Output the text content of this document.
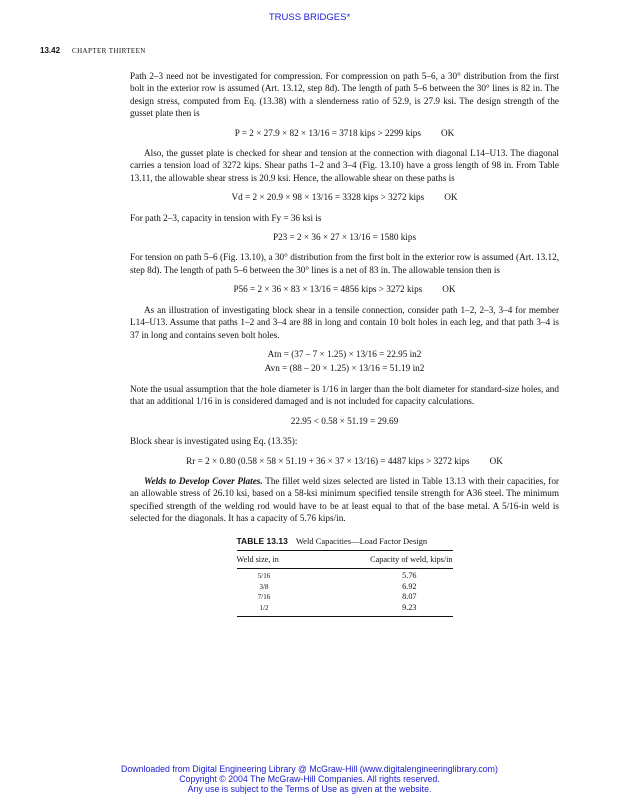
TRUSS BRIDGES*
13.42 CHAPTER THIRTEEN

Path 2–3 need not be investigated for compression. For compression on path 5–6, a 30° distribution from the first bolt in the exterior row is assumed (Art. 13.12, step 8d). The length of path 5–6 between the 30° lines is 82 in. The design stress, computed from Eq. (13.38) with a slenderness ratio of 52.9, is 27.9 ksi. The design strength of the gusset plate then is

P = 2 × 27.9 × 82 × 13/16 = 3718 kips > 2299 kips OK

Also, the gusset plate is checked for shear and tension at the connection with diagonal L14–U13. The diagonal carries a tension load of 3272 kips. Shear paths 1–2 and 3–4 (Fig. 13.10) have a gross length of 98 in. From Table 13.11, the allowable shear stress is 20.9 ksi. Hence, the allowable shear on these paths is

Vd = 2 × 20.9 × 98 × 13/16 = 3328 kips > 3272 kips OK

For path 2–3, capacity in tension with Fy = 36 ksi is

P23 = 2 × 36 × 27 × 13/16 = 1580 kips

For tension on path 5–6 (Fig. 13.10), a 30° distribution from the first bolt in the exterior row is assumed (Art. 13.12, step 8d). The length of path 5–6 between the 30° lines is a net of 83 in. The allowable tension then is

P56 = 2 × 36 × 83 × 13/16 = 4856 kips > 3272 kips OK

As an illustration of investigating block shear in a tensile connection, consider path 1–2, 2–3, 3–4 for member L14–U13. Assume that paths 1–2 and 3–4 are 88 in long and contain 10 bolt holes in each leg, and that path 3–4 is 37 in long and contains seven bolt holes.

Atn = (37 – 7 × 1.25) × 13/16 = 22.95 in2
Avn = (88 – 20 × 1.25) × 13/16 = 51.19 in2

Note the usual assumption that the hole diameter is 1/16 in larger than the bolt diameter for standard-size holes, and that an additional 1/16 in is considered damaged and is not included for capacity calculations.

22.95 < 0.58 × 51.19 = 29.69

Block shear is investigated using Eq. (13.35):

Rr = 2 × 0.80 (0.58 × 58 × 51.19 + 36 × 37 × 13/16) = 4487 kips > 3272 kips OK

Welds to Develop Cover Plates. The fillet weld sizes selected are listed in Table 13.13 with their capacities, for an allowable stress of 26.10 ksi, based on a 58-ksi minimum specified tensile strength for A36 steel. The minimum specified strength of the welding rod would have to be at least equal to that of the base metal. A 5/16-in weld is selected for the diagonals. It has a capacity of 5.76 kips/in.

TABLE 13.13 Weld Capacities—Load Factor Design
Weld size, in	Capacity of weld, kips/in
5/16	5.76
3/8	6.92
7/16	8.07
1/2	9.23
Downloaded from Digital Engineering Library @ McGraw-Hill (www.digitalengineeringlibrary.com)
Copyright © 2004 The McGraw-Hill Companies. All rights reserved.
Any use is subject to the Terms of Use as given at the website.
